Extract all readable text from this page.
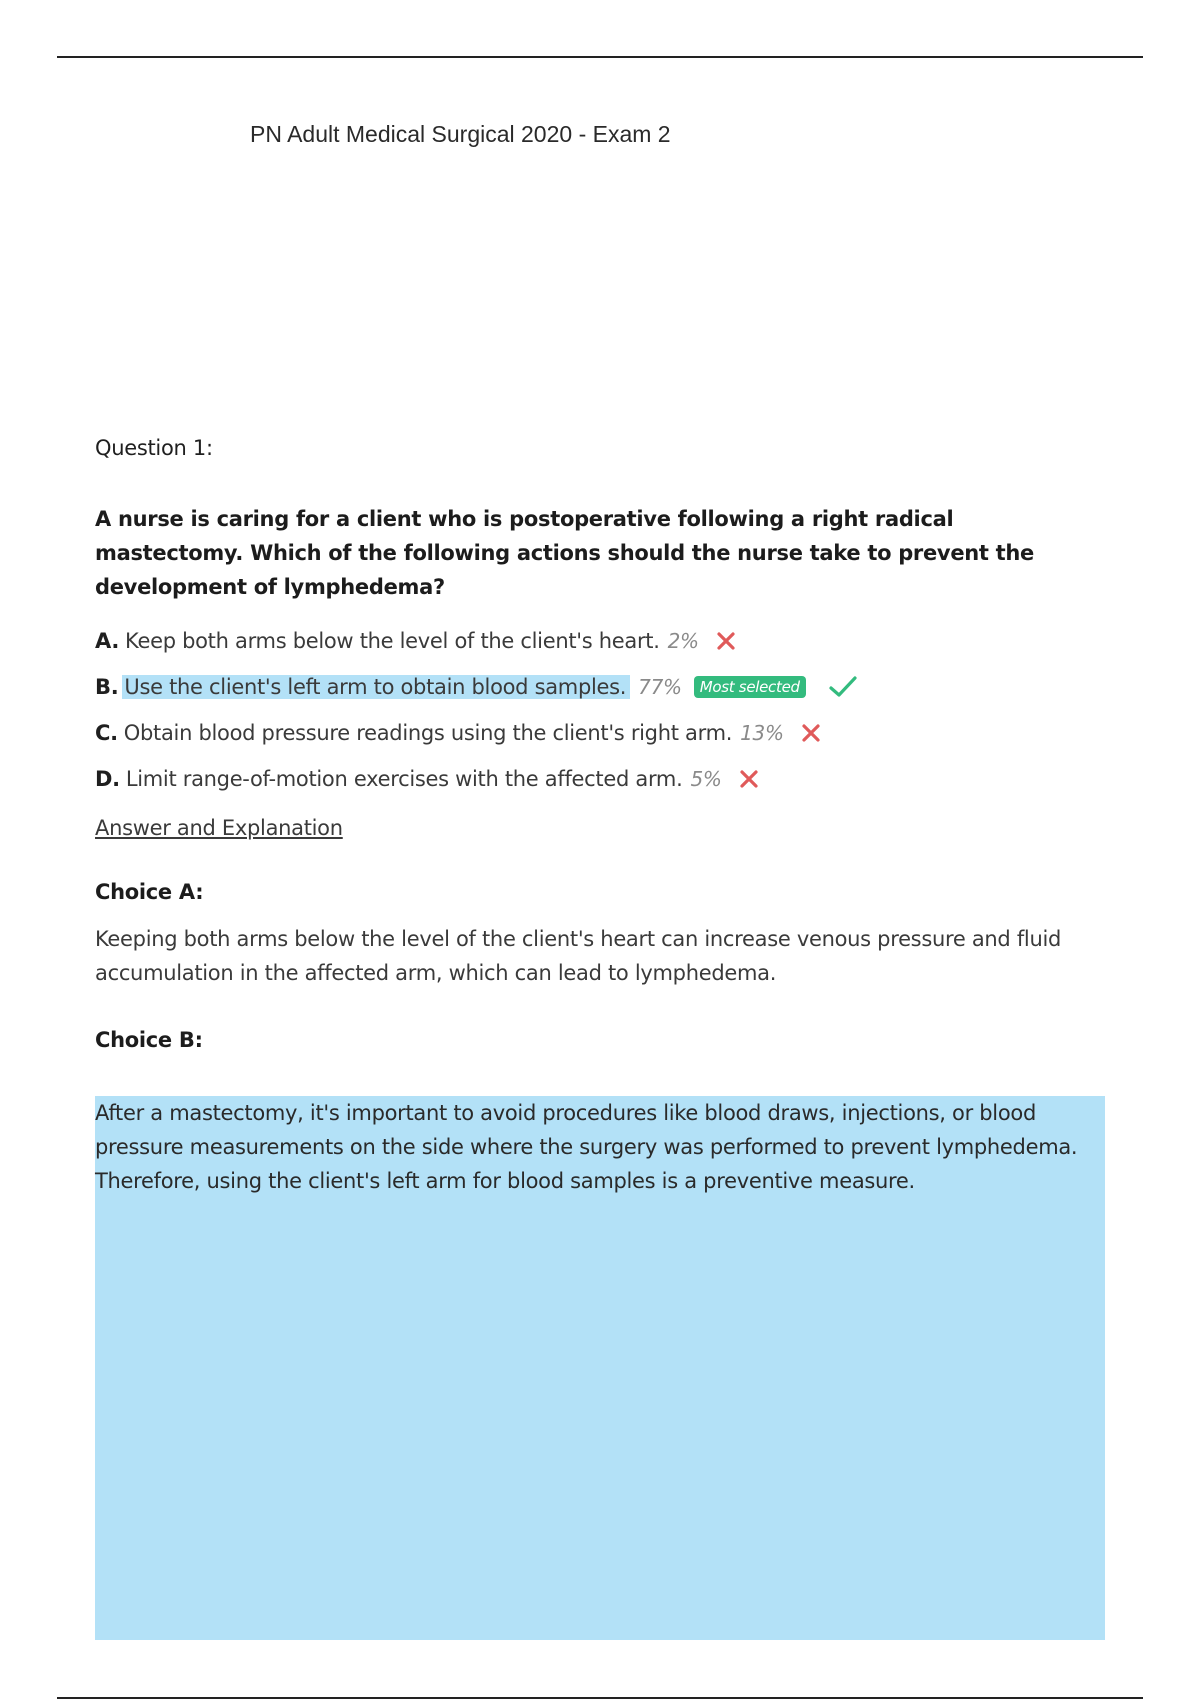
PN Adult Medical Surgical 2020 - Exam 2
Question 1:
A nurse is caring for a client who is postoperative following a right radical mastectomy. Which of the following actions should the nurse take to prevent the development of lymphedema?
A. Keep both arms below the level of the client's heart. 2%
B. Use the client's left arm to obtain blood samples. 77%	Most selected
C. Obtain blood pressure readings using the client's right arm. 13%
D. Limit range-of-motion exercises with the affected arm. 5%
Answer and Explanation
Choice A:
Keeping both arms below the level of the client's heart can increase venous pressure and fluid accumulation in the affected arm, which can lead to lymphedema.
Choice B:

After a mastectomy, it's important to avoid procedures like blood draws, injections, or blood pressure measurements on the side where the surgery was performed to prevent lymphedema. Therefore, using the client's left arm for blood samples is a preventive measure.
